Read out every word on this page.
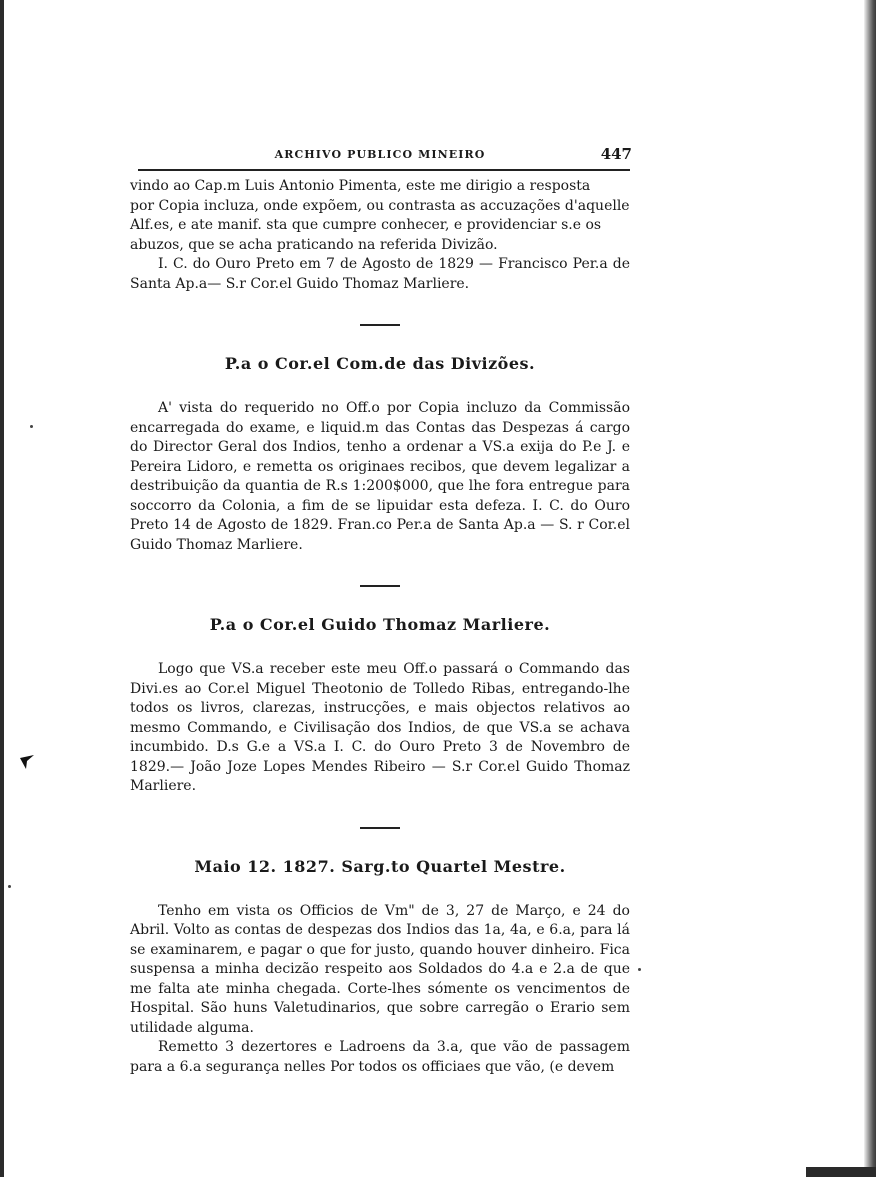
ARCHIVO PUBLICO MINEIRO	447

vindo ao Cap.m Luis Antonio Pimenta, este me dirigio a resposta

por Copia incluza, onde expõem, ou contrasta as accuzações d'aquelle

Alf.es, e ate manif. sta que cumpre conhecer, e providenciar s.e os

abuzos, que se acha praticando na referida Divizão.

I. C. do Ouro Preto em 7 de Agosto de 1829 — Francisco Per.a de Santa Ap.a— S.r Cor.el Guido Thomaz Marliere.

P.a o Cor.el Com.de das Divizões.

A' vista do requerido no Off.o por Copia incluzo da Commissão encarregada do exame, e liquid.m das Contas das Despezas á cargo do Director Geral dos Indios, tenho a ordenar a VS.a exija do P.e J. e Pereira Lidoro, e remetta os originaes recibos, que devem legalizar a destribuição da quantia de R.s 1:200$000, que lhe fora entregue para soccorro da Colonia, a fim de se lipuidar esta defeza. I. C. do Ouro Preto 14 de Agosto de 1829. Fran.co Per.a de Santa Ap.a — S. r Cor.el Guido Thomaz Marliere.

P.a o Cor.el Guido Thomaz Marliere.

Logo que VS.a receber este meu Off.o passará o Commando das Divi.es ao Cor.el Miguel Theotonio de Tolledo Ribas, entregando-lhe todos os livros, clarezas, instrucções, e mais objectos relativos ao mesmo Commando, e Civilisação dos Indios, de que VS.a se achava incumbido. D.s G.e a VS.a I. C. do Ouro Preto 3 de Novembro de 1829.— João Joze Lopes Mendes Ribeiro — S.r Cor.el Guido Thomaz Marliere.

Maio 12. 1827. Sarg.to Quartel Mestre.

Tenho em vista os Officios de Vm" de 3, 27 de Março, e 24 do Abril. Volto as contas de despezas dos Indios das 1a, 4a, e 6.a, para lá se examinarem, e pagar o que for justo, quando houver dinheiro. Fica suspensa a minha decizão respeito aos Soldados do 4.a e 2.a de que me falta ate minha chegada. Corte-lhes sómente os vencimentos de Hospital. São huns Valetudinarios, que sobre carregão o Erario sem utilidade alguma.

Remetto 3 dezertores e Ladroens da 3.a, que vão de passagem para a 6.a segurança nelles Por todos os officiaes que vão, (e devem
